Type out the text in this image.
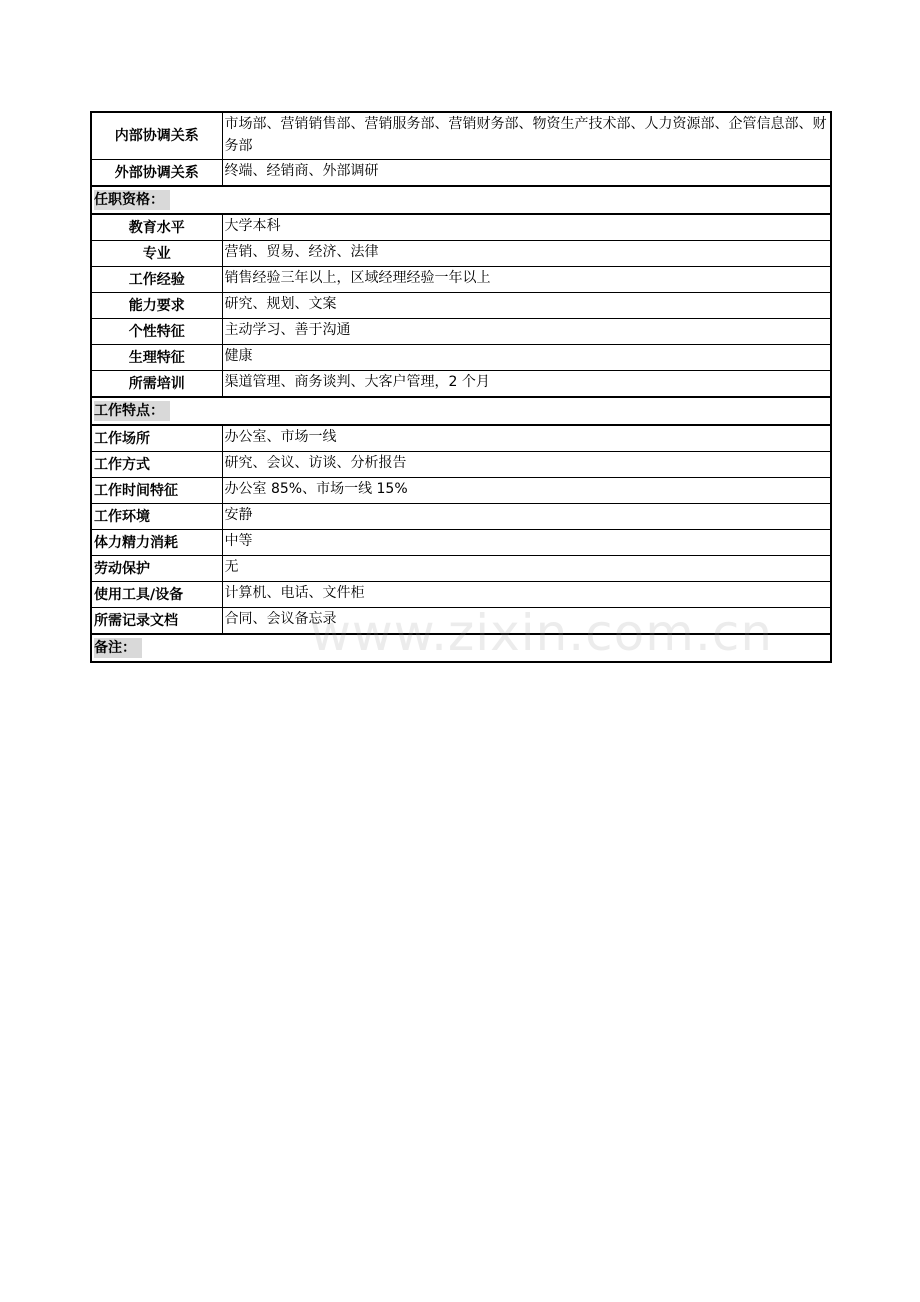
内部协调关系	市场部、营销销售部、营销服务部、营销财务部、物资生产技术部、人力资源部、企管信息部、财务部
外部协调关系	终端、经销商、外部调研
任职资格：	
教育水平	大学本科
专业	营销、贸易、经济、法律
工作经验	销售经验三年以上，区域经理经验一年以上
能力要求	研究、规划、文案
个性特征	主动学习、善于沟通
生理特征	健康
所需培训	渠道管理、商务谈判、大客户管理，2 个月
工作特点：	
工作场所	办公室、市场一线
工作方式	研究、会议、访谈、分析报告
工作时间特征	办公室 85%、市场一线 15%
工作环境	安静
体力精力消耗	中等
劳动保护	无
使用工具/设备	计算机、电话、文件柜
所需记录文档	合同、会议备忘录
备注：		www.zixin.com.cn
